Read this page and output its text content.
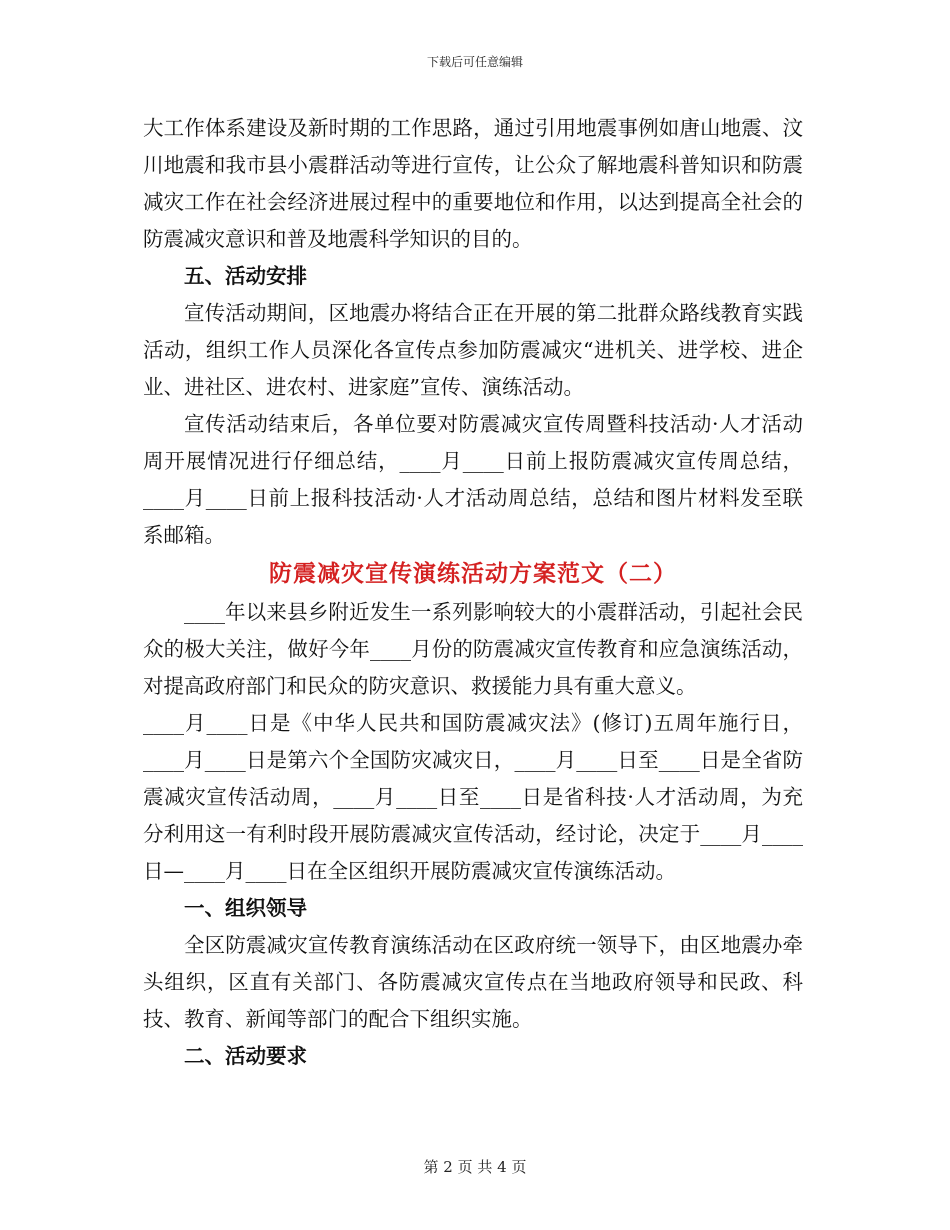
下载后可任意编辑

大工作体系建设及新时期的工作思路，通过引用地震事例如唐山地震、汶川地震和我市县小震群活动等进行宣传，让公众了解地震科普知识和防震减灾工作在社会经济进展过程中的重要地位和作用，以达到提高全社会的防震减灾意识和普及地震科学知识的目的。

五、活动安排

宣传活动期间，区地震办将结合正在开展的第二批群众路线教育实践活动，组织工作人员深化各宣传点参加防震减灾“进机关、进学校、进企业、进社区、进农村、进家庭”宣传、演练活动。

宣传活动结束后，各单位要对防震减灾宣传周暨科技活动·人才活动周开展情况进行仔细总结，____月____日前上报防震减灾宣传周总结，____月____日前上报科技活动·人才活动周总结，总结和图片材料发至联系邮箱。

防震减灾宣传演练活动方案范文（二）

____年以来县乡附近发生一系列影响较大的小震群活动，引起社会民众的极大关注，做好今年____月份的防震减灾宣传教育和应急演练活动，对提高政府部门和民众的防灾意识、救援能力具有重大意义。

____月____日是《中华人民共和国防震减灾法》(修订)五周年施行日，____月____日是第六个全国防灾减灾日，____月____日至____日是全省防震减灾宣传活动周，____月____日至____日是省科技·人才活动周，为充分利用这一有利时段开展防震减灾宣传活动，经讨论，决定于____月____日—____月____日在全区组织开展防震减灾宣传演练活动。

一、组织领导

全区防震减灾宣传教育演练活动在区政府统一领导下，由区地震办牵头组织，区直有关部门、各防震减灾宣传点在当地政府领导和民政、科技、教育、新闻等部门的配合下组织实施。

二、活动要求

第 2 页 共 4 页
